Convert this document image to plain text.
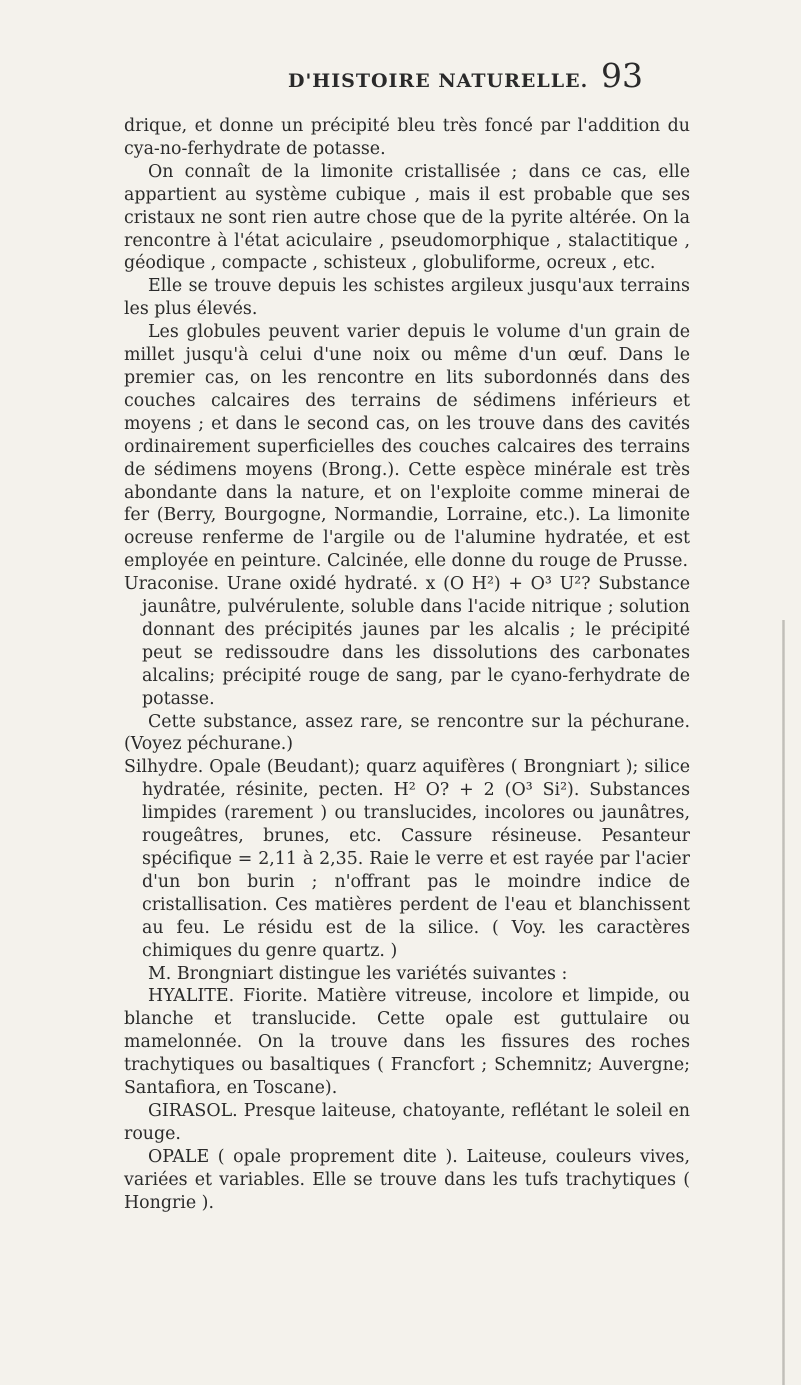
D'HISTOIRE NATURELLE. 93

drique, et donne un précipité bleu très foncé par l'addition du cya-no-ferhydrate de potasse.

On connaît de la limonite cristallisée ; dans ce cas, elle appartient au système cubique , mais il est probable que ses cristaux ne sont rien autre chose que de la pyrite altérée. On la rencontre à l'état aciculaire , pseudomorphique , stalactitique , géodique , compacte , schisteux , globuliforme, ocreux , etc.

Elle se trouve depuis les schistes argileux jusqu'aux terrains les plus élevés.

Les globules peuvent varier depuis le volume d'un grain de millet jusqu'à celui d'une noix ou même d'un œuf. Dans le premier cas, on les rencontre en lits subordonnés dans des couches calcaires des terrains de sédimens inférieurs et moyens ; et dans le second cas, on les trouve dans des cavités ordinairement superficielles des couches calcaires des terrains de sédimens moyens (Brong.). Cette espèce minérale est très abondante dans la nature, et on l'exploite comme minerai de fer (Berry, Bourgogne, Normandie, Lorraine, etc.). La limonite ocreuse renferme de l'argile ou de l'alumine hydratée, et est employée en peinture. Calcinée, elle donne du rouge de Prusse.

Uraconise. Urane oxidé hydraté. x (O H²) + O³ U²? Substance jaunâtre, pulvérulente, soluble dans l'acide nitrique ; solution donnant des précipités jaunes par les alcalis ; le précipité peut se redissoudre dans les dissolutions des carbonates alcalins; précipité rouge de sang, par le cyano-ferhydrate de potasse.

Cette substance, assez rare, se rencontre sur la péchurane. (Voyez péchurane.)

Silhydre. Opale (Beudant); quarz aquifères ( Brongniart ); silice hydratée, résinite, pecten. H² O? + 2 (O³ Si²). Substances limpides (rarement ) ou translucides, incolores ou jaunâtres, rougeâtres, brunes, etc. Cassure résineuse. Pesanteur spécifique = 2,11 à 2,35. Raie le verre et est rayée par l'acier d'un bon burin ; n'offrant pas le moindre indice de cristallisation. Ces matières perdent de l'eau et blanchissent au feu. Le résidu est de la silice. ( Voy. les caractères chimiques du genre quartz. )

M. Brongniart distingue les variétés suivantes :

HYALITE. Fiorite. Matière vitreuse, incolore et limpide, ou blanche et translucide. Cette opale est guttulaire ou mamelonnée. On la trouve dans les fissures des roches trachytiques ou basaltiques ( Francfort ; Schemnitz; Auvergne; Santafiora, en Toscane).

GIRASOL. Presque laiteuse, chatoyante, reflétant le soleil en rouge.

OPALE ( opale proprement dite ). Laiteuse, couleurs vives, variées et variables. Elle se trouve dans les tufs trachytiques ( Hongrie ).
